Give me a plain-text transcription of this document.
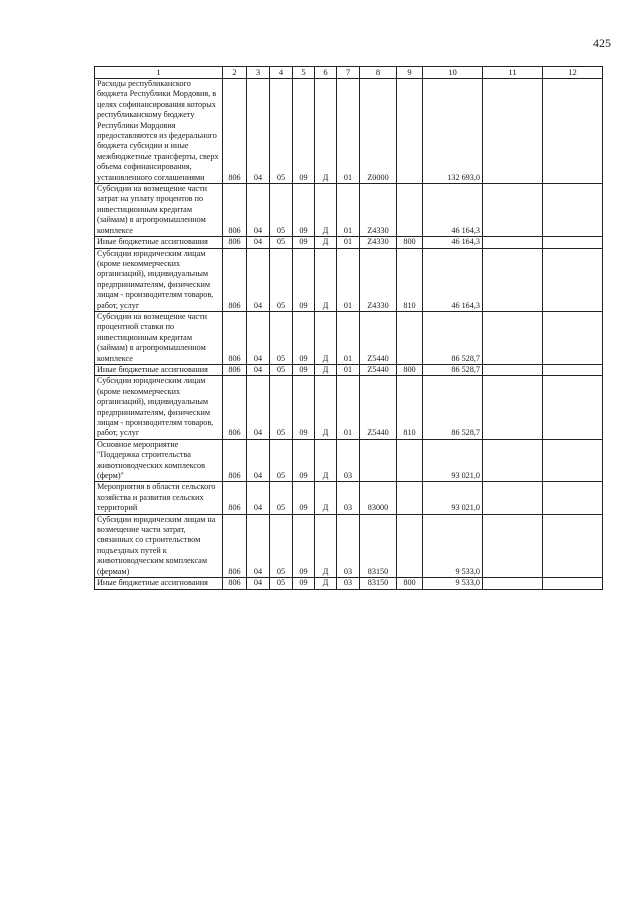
425
1	2	3	4	5	6	7	8	9	10	11	12
Расходы республиканского бюджета Республики Мордовия, в целях софинансирования которых республиканскому бюджету Республики Мордовия предоставляются из федерального бюджета субсидии и иные межбюджетные трансферты, сверх объема софинансирования, установленного соглашениями	806	04	05	09	Д	01	Z0000		132 693,0		
Субсидии на возмещение части затрат на уплату процентов по инвестиционным кредитам (займам) в агропромышленном комплексе	806	04	05	09	Д	01	Z4330		46 164,3		
Иные бюджетные ассигнования	806	04	05	09	Д	01	Z4330	800	46 164,3		
Субсидии юридическим лицам (кроме некоммерческих организаций), индивидуальным предпринимателям, физическим лицам - производителям товаров, работ, услуг	806	04	05	09	Д	01	Z4330	810	46 164,3		
Субсидии на возмещение части процентной ставки по инвестиционным кредитам (займам) в агропромышленном комплексе	806	04	05	09	Д	01	Z5440		86 528,7		
Иные бюджетные ассигнования	806	04	05	09	Д	01	Z5440	800	86 528,7		
Субсидии юридическим лицам (кроме некоммерческих организаций), индивидуальным предпринимателям, физическим лицам - производителям товаров, работ, услуг	806	04	05	09	Д	01	Z5440	810	86 528,7		
Основное мероприятие "Поддержка строительства животноводческих комплексов (ферм)"	806	04	05	09	Д	03			93 021,0		
Мероприятия в области сельского хозяйства и развития сельских территорий	806	04	05	09	Д	03	83000		93 021,0		
Субсидии юридическим лицам на возмещение части затрат, связанных со строительством подъездных путей к животноводческим комплексам (фермам)	806	04	05	09	Д	03	83150		9 533,0		
Иные бюджетные ассигнования	806	04	05	09	Д	03	83150	800	9 533,0		
